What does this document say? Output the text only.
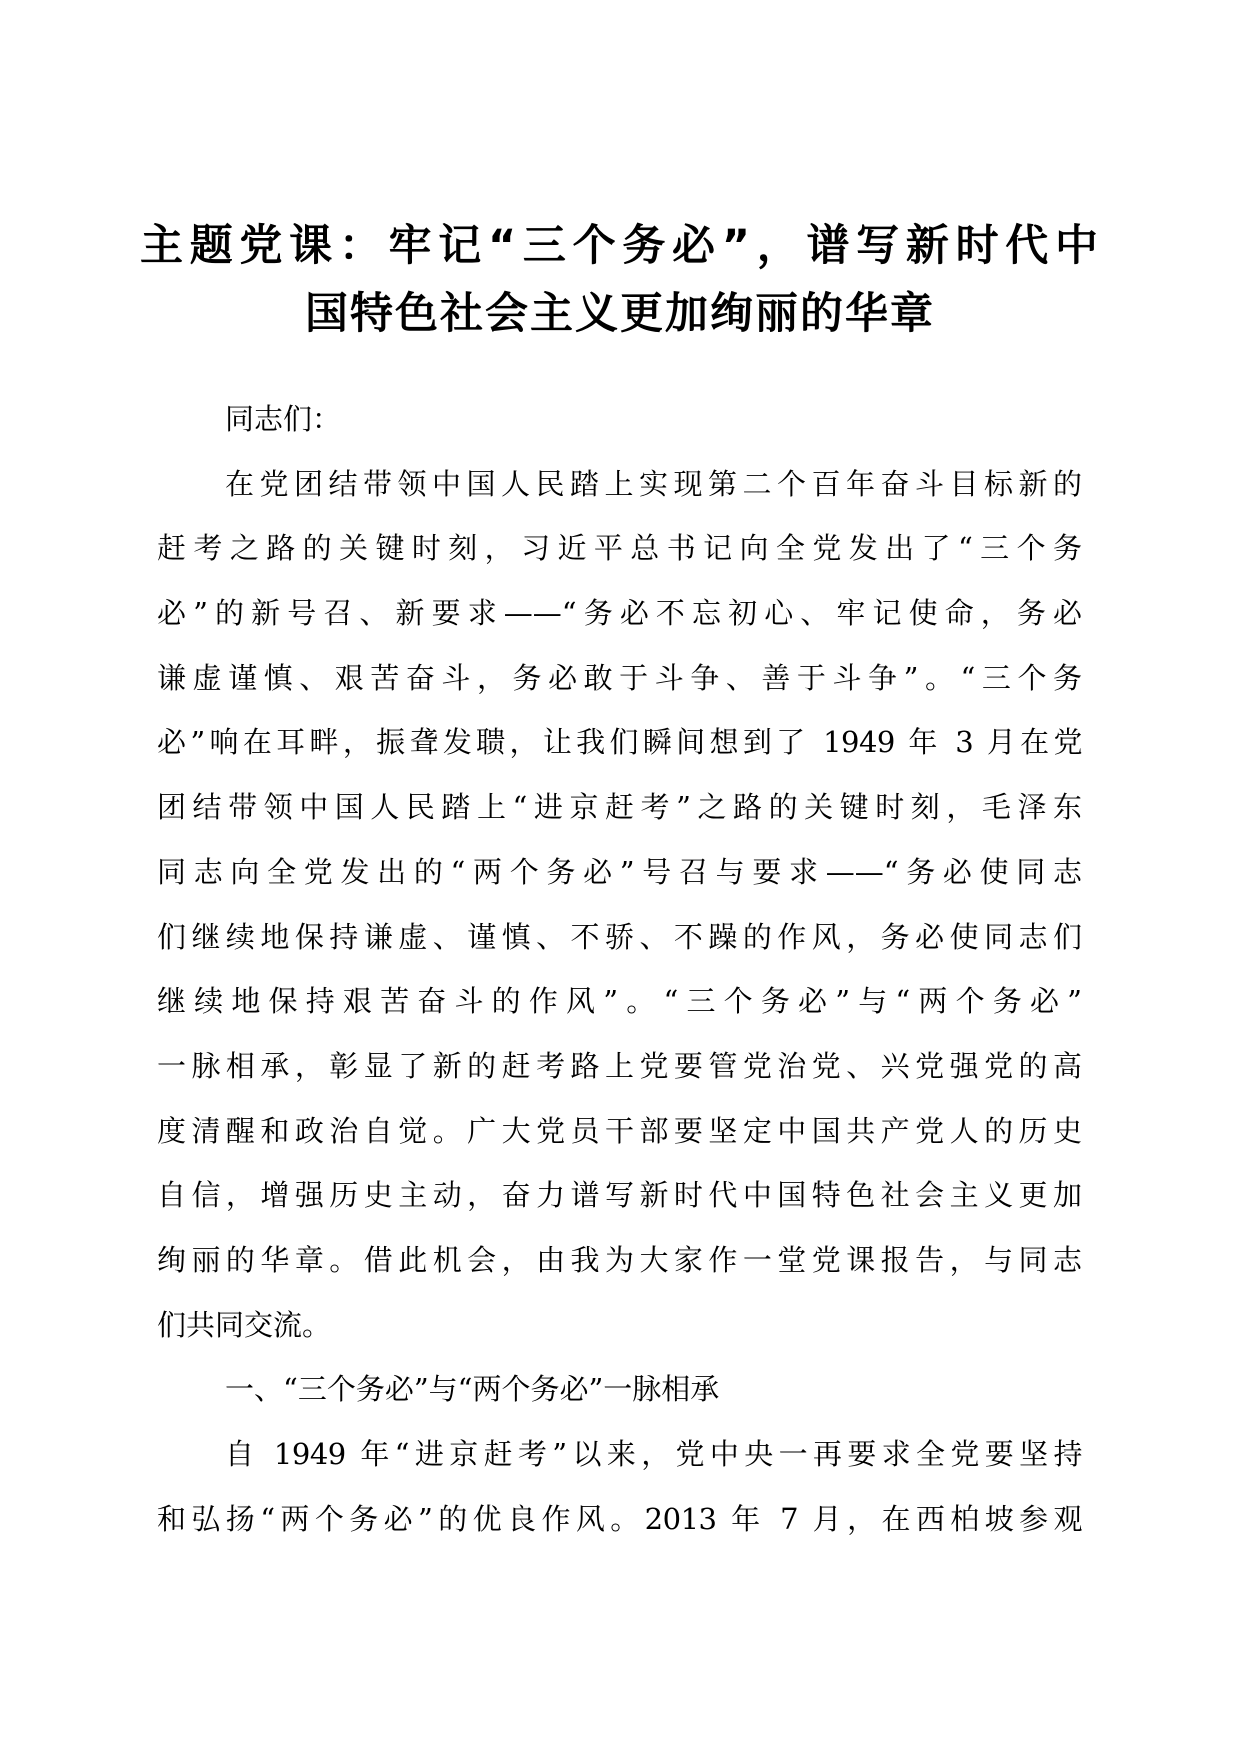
主题党课：牢记“三个务必”，谱写新时代中
国特色社会主义更加绚丽的华章
同志们：
在党团结带领中国人民踏上实现第二个百年奋斗目标新的
赶考之路的关键时刻，习近平总书记向全党发出了“三个务
必”的新号召、新要求——“务必不忘初心、牢记使命，务必
谦虚谨慎、艰苦奋斗，务必敢于斗争、善于斗争”。“三个务
必”响在耳畔，振聋发聩，让我们瞬间想到了 1949 年 3 月在党
团结带领中国人民踏上“进京赶考”之路的关键时刻，毛泽东
同志向全党发出的“两个务必”号召与要求——“务必使同志
们继续地保持谦虚、谨慎、不骄、不躁的作风，务必使同志们
继续地保持艰苦奋斗的作风”。“三个务必”与“两个务必”
一脉相承，彰显了新的赶考路上党要管党治党、兴党强党的高
度清醒和政治自觉。广大党员干部要坚定中国共产党人的历史
自信，增强历史主动，奋力谱写新时代中国特色社会主义更加
绚丽的华章。借此机会，由我为大家作一堂党课报告，与同志
们共同交流。
一、“三个务必”与“两个务必”一脉相承
自 1949 年“进京赶考”以来，党中央一再要求全党要坚持
和弘扬“两个务必”的优良作风。2013 年 7 月，在西柏坡参观
